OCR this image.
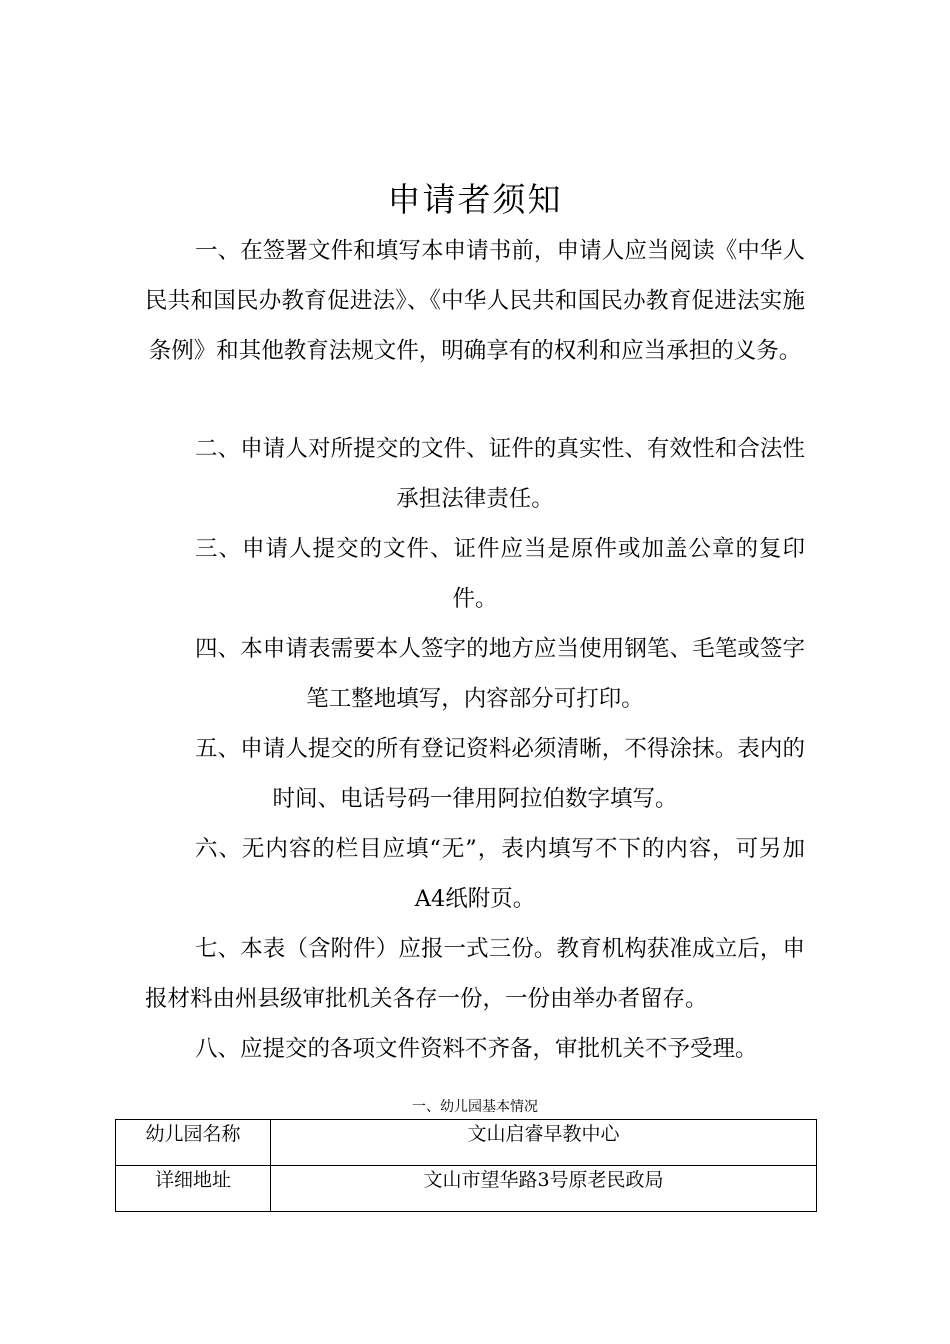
申请者须知

一、在签署文件和填写本申请书前，申请人应当阅读《中华人民共和国民办教育促进法》、《中华人民共和国民办教育促进法实施条例》和其他教育法规文件，明确享有的权利和应当承担的义务。

二、申请人对所提交的文件、证件的真实性、有效性和合法性承担法律责任。

三、申请人提交的文件、证件应当是原件或加盖公章的复印件。

四、本申请表需要本人签字的地方应当使用钢笔、毛笔或签字笔工整地填写，内容部分可打印。

五、申请人提交的所有登记资料必须清晰，不得涂抹。表内的时间、电话号码一律用阿拉伯数字填写。

六、无内容的栏目应填“无”，表内填写不下的内容，可另加A4纸附页。

七、本表（含附件）应报一式三份。教育机构获准成立后，申报材料由州县级审批机关各存一份，一份由举办者留存。

八、应提交的各项文件资料不齐备，审批机关不予受理。

一、幼儿园基本情况
幼儿园名称	文山启睿早教中心
详细地址	文山市望华路3号原老民政局
